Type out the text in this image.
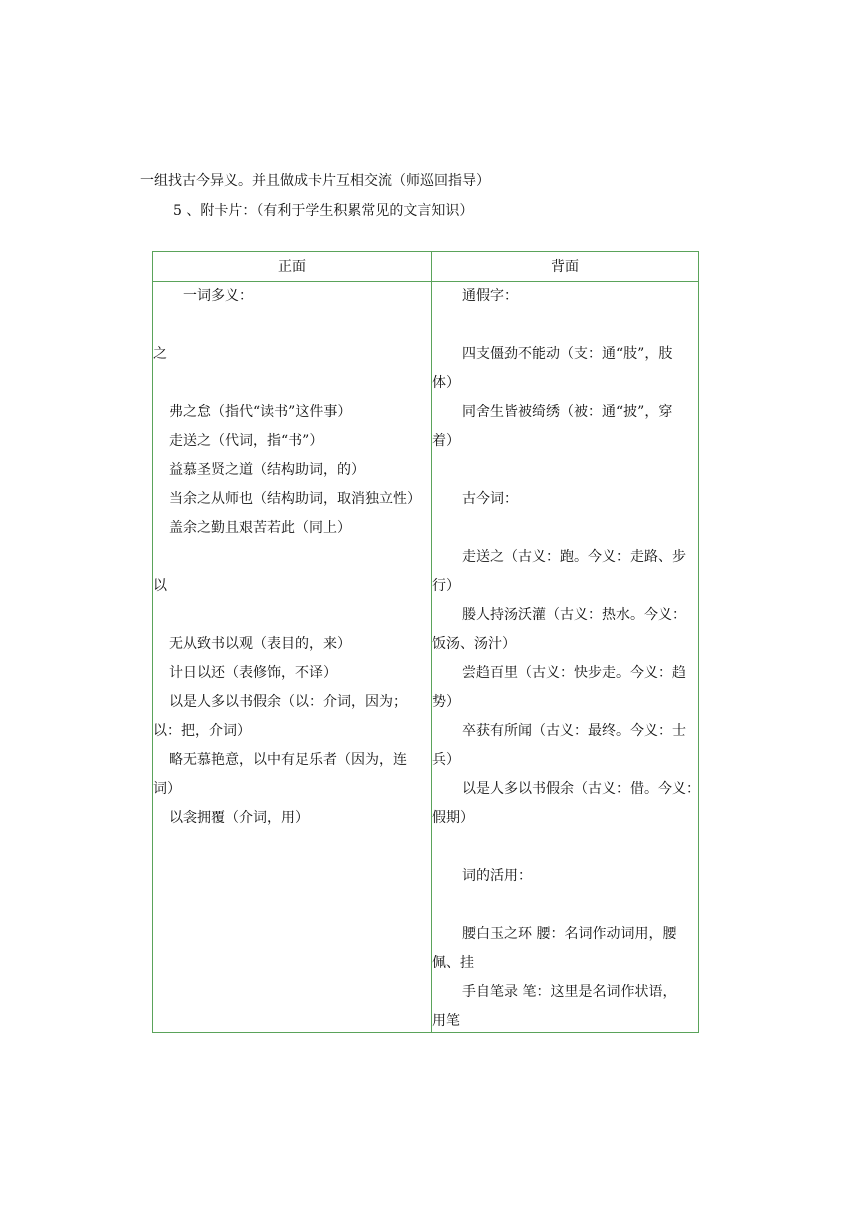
一组找古今异义。并且做成卡片互相交流（师巡回指导）
5 、附卡片：（有利于学生积累常见的文言知识）
正面	背面
一词多义：
之
弗之怠（指代“读书”这件事）
走送之（代词，指“书”）
益慕圣贤之道（结构助词，的）
当余之从师也（结构助词，取消独立性）
盖余之勤且艰苦若此（同上）
以
无从致书以观（表目的，来）
计日以还（表修饰，不译）
以是人多以书假余（以：介词，因为；
以：把，介词）
略无慕艳意，以中有足乐者（因为，连
词）
以衾拥覆（介词，用）
通假字：
四支僵劲不能动（支：通“肢”，肢
体）
同舍生皆被绮绣（被：通“披”，穿
着）
古今词：
走送之（古义：跑。今义：走路、步
行）
媵人持汤沃灌（古义：热水。今义：
饭汤、汤汁）
尝趋百里（古义：快步走。今义：趋
势）
卒获有所闻（古义：最终。今义：士
兵）
以是人多以书假余（古义：借。今义：
假期）
词的活用：
腰白玉之环 腰：名词作动词用，腰
佩、挂
手自笔录 笔：这里是名词作状语，
用笔
